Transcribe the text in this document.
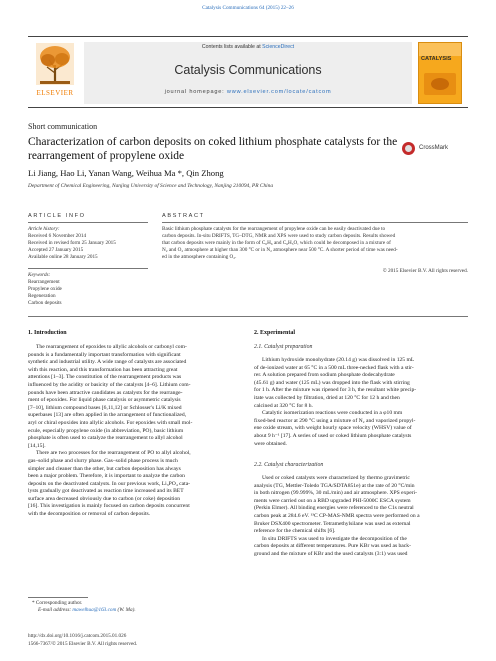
Catalysis Communications 64 (2015) 22–26
ELSEVIER
Contents lists available at ScienceDirect
Catalysis Communications
journal homepage: www.elsevier.com/locate/catcom
CATALYSIS
Short communication
Characterization of carbon deposits on coked lithium phosphate catalysts for the rearrangement of propylene oxide
CrossMark
Li Jiang, Hao Li, Yanan Wang, Weihua Ma *, Qin Zhong
Department of Chemical Engineering, Nanjing University of Science and Technology, Nanjing 210094, PR China
ARTICLE INFO
Article history:
Received 6 November 2014
Received in revised form 25 January 2015
Accepted 27 January 2015
Available online 28 January 2015
Keywords:
Rearrangement
Propylene oxide
Regeneration
Carbon deposits
ABSTRACT
Basic lithium phosphate catalysts for the rearrangement of propylene oxide can be easily deactivated due to
carbon deposits. In-situ DRIFTS, TG–DTG, NMR and XPS were used to study carbon deposits. Results showed
that carbon deposits were mainly in the form of C₆H₆ and C₆H₅O, which could be decomposed in a mixture of
N₂ and O₂ atmosphere at higher than 300 °C or in N₂ atmosphere near 500 °C. A shorter period of time was need-
ed in the atmosphere containing O₂.
© 2015 Elsevier B.V. All rights reserved.
1. Introduction
The rearrangement of epoxides to allylic alcohols or carbonyl com-
pounds is a fundamentally important transformation with significant
synthetic and industrial utility. A wide range of catalysts are associated
with this reaction, and this transformation has been attracting great
attentions [1–3]. The constitution of the rearrangement products was
influenced by the acidity or basicity of the catalysts [4–6]. Lithium com-
pounds have been attractive candidates as catalysts for the rearrange-
ment of epoxides. For liquid phase catalysis or asymmetric catalysis
[7–10], lithium compound bases [6,11,12] or Schlosser's Li/K mixed
superbases [13] are often applied in the arrangement of functionalized,
aryl or chiral epoxides into allylic alcohols. For epoxides with small mol-
ecule, especially propylene oxide (in abbreviation, PO), basic lithium
phosphate is often used to catalyze the rearrangement to allyl alcohol
[14,15].
There are two processes for the rearrangement of PO to allyl alcohol,
gas–solid phase and slurry phase. Gas–solid phase process is much
simpler and cleaner than the other, but carbon deposition has always
been a major problem. Therefore, it is important to analyze the carbon
deposits on the deactivated catalysts. In our previous work, Li₃PO₄ cata-
lysts gradually got deactivated as reaction time increased and its BET
surface area decreased obviously due to carbon (or coke) deposition
[16]. This investigation is mainly focused on carbon deposits concurrent
with the decomposition or removal of carbon deposits.
* Corresponding author.
E-mail address: mawelhua@163.com (W. Ma).
http://dx.doi.org/10.1016/j.catcom.2015.01.026
1566-7367/© 2015 Elsevier B.V. All rights reserved.
2. Experimental
2.1. Catalyst preparation
Lithium hydroxide monohydrate (20.14 g) was dissolved in 125 mL
of de-ionized water at 65 °C in a 500 mL three-necked flask with a stir-
rer. A solution prepared from sodium phosphate dodecahydrate
(45.61 g) and water (125 mL) was dropped into the flask with stirring
for 1 h. After the mixture was ripened for 3 h, the resultant white precip-
itate was collected by filtration, dried at 120 °C for 12 h and then
calcined at 320 °C for 8 h.
Catalytic isomerization reactions were conducted in a φ10 mm
fixed-bed reactor at 290 °C using a mixture of N₂ and vaporized propyl-
ene oxide stream, with weight hourly space velocity (WHSV) value of
about 9 h⁻¹ [17]. A series of used or coked lithium phosphate catalysts
were obtained.
2.2. Catalyst characterization
Used or coked catalysts were characterized by thermo gravimetric
analysis (TG, Mettler-Toledo TGA/SDTA851e) at the rate of 20 °C/min
in both nitrogen (99.999%, 30 mL/min) and air atmosphere. XPS experi-
ments were carried out on a RBD upgraded PHI-5000C ESCA system
(Perkin Elmer). All binding energies were referenced to the C1s neutral
carbon peak at 284.6 eV. ¹³C CP-MAS-NMR spectra were performed on a
Bruker DSX400 spectrometer. Tetramethylsilane was used as external
reference for the chemical shifts [6].
In situ DRIFTS was used to investigate the decomposition of the
carbon deposits at different temperatures. Pure KBr was used as back-
ground and the mixture of KBr and the used catalysts (3:1) was used
